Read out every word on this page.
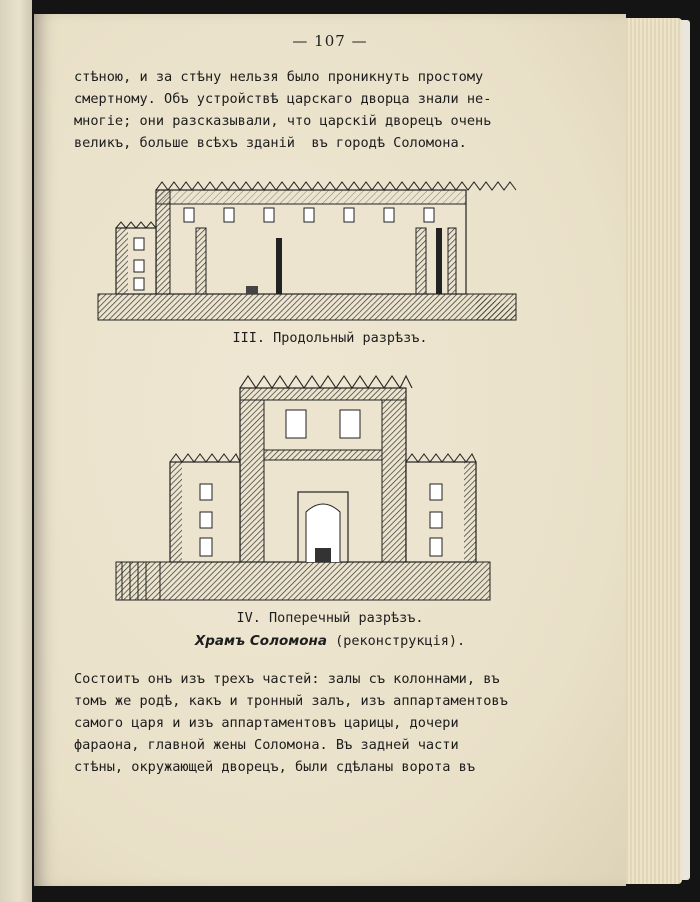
— 107 —
стѣною, и за стѣну нельзя было проникнуть простому
смертному. Объ устройствѣ царскаго дворца знали не-
многiе; они разсказывали, что царскiй дворецъ очень
великъ, больше всѣхъ зданiй  въ городѣ Соломона.
III. Продольный разрѣзъ.
IV. Поперечный разрѣзъ.
Храмъ Соломона (реконструкцiя).
Состоитъ онъ изъ трехъ частей: залы съ колоннами, въ
томъ же родѣ, какъ и тронный залъ, изъ аппартаментовъ
самого царя и изъ аппартаментовъ царицы, дочери
фараона, главной жены Соломона. Въ задней части
стѣны, окружающей дворецъ, были сдѣланы ворота въ
